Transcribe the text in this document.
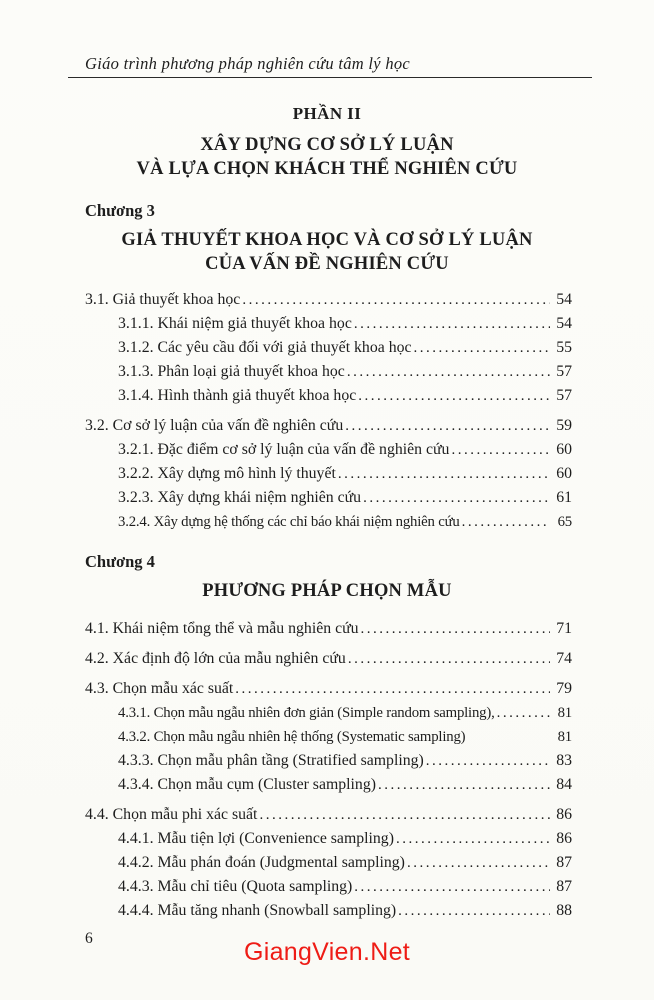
Giáo trình phương pháp nghiên cứu tâm lý học
PHẦN II
XÂY DỰNG CƠ SỞ LÝ LUẬN
VÀ LỰA CHỌN KHÁCH THỂ NGHIÊN CỨU
Chương 3
GIẢ THUYẾT KHOA HỌC VÀ CƠ SỞ LÝ LUẬN
CỦA VẤN ĐỀ NGHIÊN CỨU
3.1. Giả thuyết khoa học .....	54
3.1.1. Khái niệm giả thuyết khoa học .....	54
3.1.2. Các yêu cầu đối với giả thuyết khoa học .....	55
3.1.3. Phân loại giả thuyết khoa học .....	57
3.1.4. Hình thành giả thuyết khoa học .....	57
3.2. Cơ sở lý luận của vấn đề nghiên cứu .....	59
3.2.1. Đặc điểm cơ sở lý luận của vấn đề nghiên cứu .....	60
3.2.2. Xây dựng mô hình lý thuyết .....	60
3.2.3. Xây dựng khái niệm nghiên cứu .....	61
3.2.4. Xây dựng hệ thống các chỉ báo khái niệm nghiên cứu .....	65
Chương 4
PHƯƠNG PHÁP CHỌN MẪU
4.1. Khái niệm tổng thể và mẫu nghiên cứu .....	71
4.2. Xác định độ lớn của mẫu nghiên cứu .....	74
4.3. Chọn mẫu xác suất .....	79
4.3.1. Chọn mẫu ngẫu nhiên đơn giản (Simple random sampling), .....	81
4.3.2. Chọn mẫu ngẫu nhiên hệ thống (Systematic sampling)	81
4.3.3. Chọn mẫu phân tầng (Stratified sampling) .....	83
4.3.4. Chọn mẫu cụm (Cluster sampling) .....	84
4.4. Chọn mẫu phi xác suất .....	86
4.4.1. Mẫu tiện lợi (Convenience sampling) .....	86
4.4.2. Mẫu phán đoán (Judgmental sampling) .....	87
4.4.3. Mẫu chỉ tiêu (Quota sampling) .....	87
4.4.4. Mẫu tăng nhanh (Snowball sampling) .....	88
6	GiangVien.Net
